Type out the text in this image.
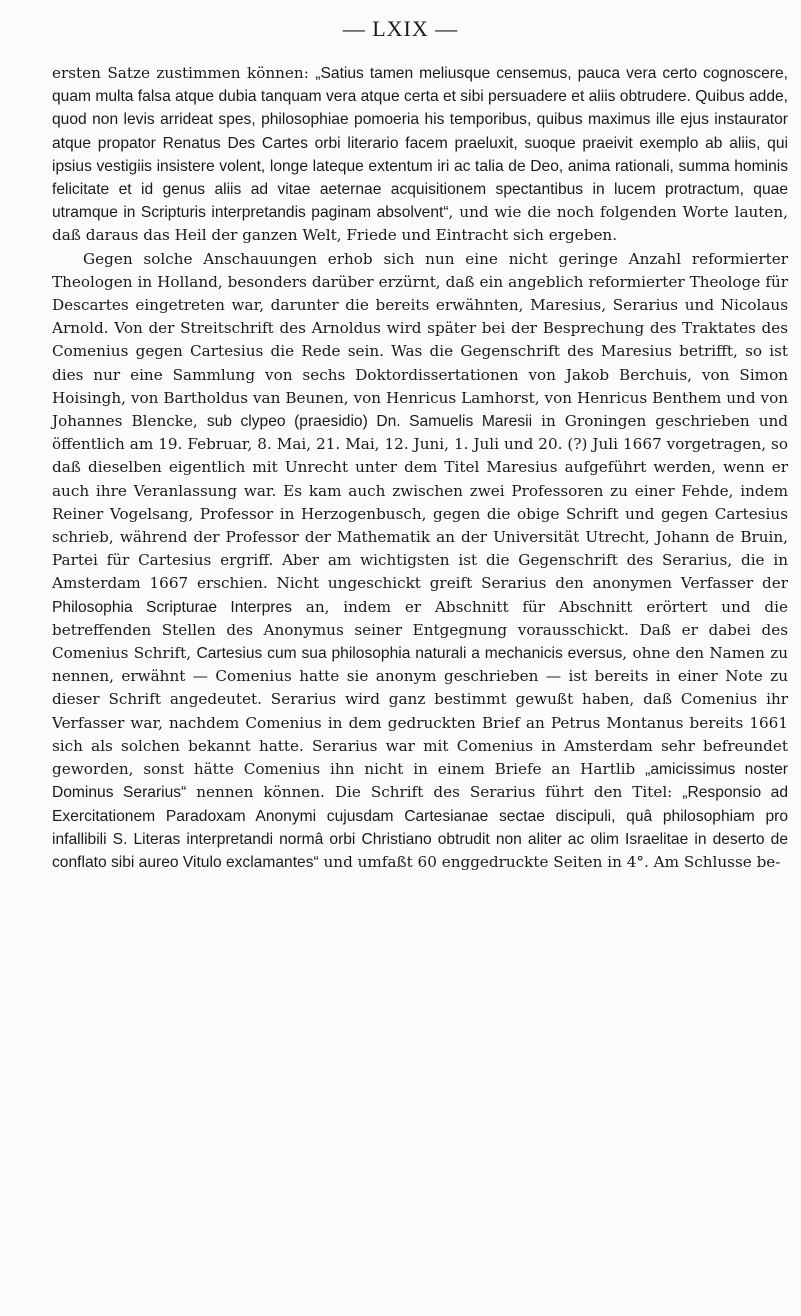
— LXIX —

ersten Satze zustimmen können: „Satius tamen meliusque censemus, pauca vera certo cognoscere, quam multa falsa atque dubia tanquam vera atque certa et sibi persuadere et aliis obtrudere. Quibus adde, quod non levis arrideat spes, philosophiae pomoeria his temporibus, quibus maximus ille ejus instaurator atque propator Renatus Des Cartes orbi literario facem praeluxit, suoque praeivit exemplo ab aliis, qui ipsius vestigiis insistere volent, longe lateque extentum iri ac talia de Deo, anima rationali, summa hominis felicitate et id genus aliis ad vitae aeternae acquisitionem spectantibus in lucem protractum, quae utramque in Scripturis interpretandis paginam absolvent“, und wie die noch folgenden Worte lauten, daß daraus das Heil der ganzen Welt, Friede und Eintracht sich ergeben.

Gegen solche Anschauungen erhob sich nun eine nicht geringe Anzahl reformierter Theologen in Holland, besonders darüber erzürnt, daß ein angeblich reformierter Theologe für Descartes eingetreten war, darunter die bereits erwähnten, Maresius, Serarius und Nicolaus Arnold. Von der Streitschrift des Arnoldus wird später bei der Besprechung des Traktates des Comenius gegen Cartesius die Rede sein. Was die Gegenschrift des Maresius betrifft, so ist dies nur eine Sammlung von sechs Doktordissertationen von Jakob Berchuis, von Simon Hoisingh, von Bartholdus van Beunen, von Henricus Lamhorst, von Henricus Benthem und von Johannes Blencke, sub clypeo (praesidio) Dn. Samuelis Maresii in Groningen geschrieben und öffentlich am 19. Februar, 8. Mai, 21. Mai, 12. Juni, 1. Juli und 20. (?) Juli 1667 vorgetragen, so daß dieselben eigentlich mit Unrecht unter dem Titel Maresius aufgeführt werden, wenn er auch ihre Veranlassung war. Es kam auch zwischen zwei Professoren zu einer Fehde, indem Reiner Vogelsang, Professor in Herzogenbusch, gegen die obige Schrift und gegen Cartesius schrieb, während der Professor der Mathematik an der Universität Utrecht, Johann de Bruin, Partei für Cartesius ergriff. Aber am wichtigsten ist die Gegenschrift des Serarius, die in Amsterdam 1667 erschien. Nicht ungeschickt greift Serarius den anonymen Verfasser der Philosophia Scripturae Interpres an, indem er Abschnitt für Abschnitt erörtert und die betreffenden Stellen des Anonymus seiner Entgegnung vorausschickt. Daß er dabei des Comenius Schrift, Cartesius cum sua philosophia naturali a mechanicis eversus, ohne den Namen zu nennen, erwähnt — Comenius hatte sie anonym geschrieben — ist bereits in einer Note zu dieser Schrift angedeutet. Serarius wird ganz bestimmt gewußt haben, daß Comenius ihr Verfasser war, nachdem Comenius in dem gedruckten Brief an Petrus Montanus bereits 1661 sich als solchen bekannt hatte. Serarius war mit Comenius in Amsterdam sehr befreundet geworden, sonst hätte Comenius ihn nicht in einem Briefe an Hartlib „amicissimus noster Dominus Serarius“ nennen können. Die Schrift des Serarius führt den Titel: „Responsio ad Exercitationem Paradoxam Anonymi cujusdam Cartesianae sectae discipuli, quâ philosophiam pro infallibili S. Literas interpretandi normâ orbi Christiano obtrudit non aliter ac olim Israelitae in deserto de conflato sibi aureo Vitulo exclamantes“ und umfaßt 60 enggedruckte Seiten in 4°. Am Schlusse be-
